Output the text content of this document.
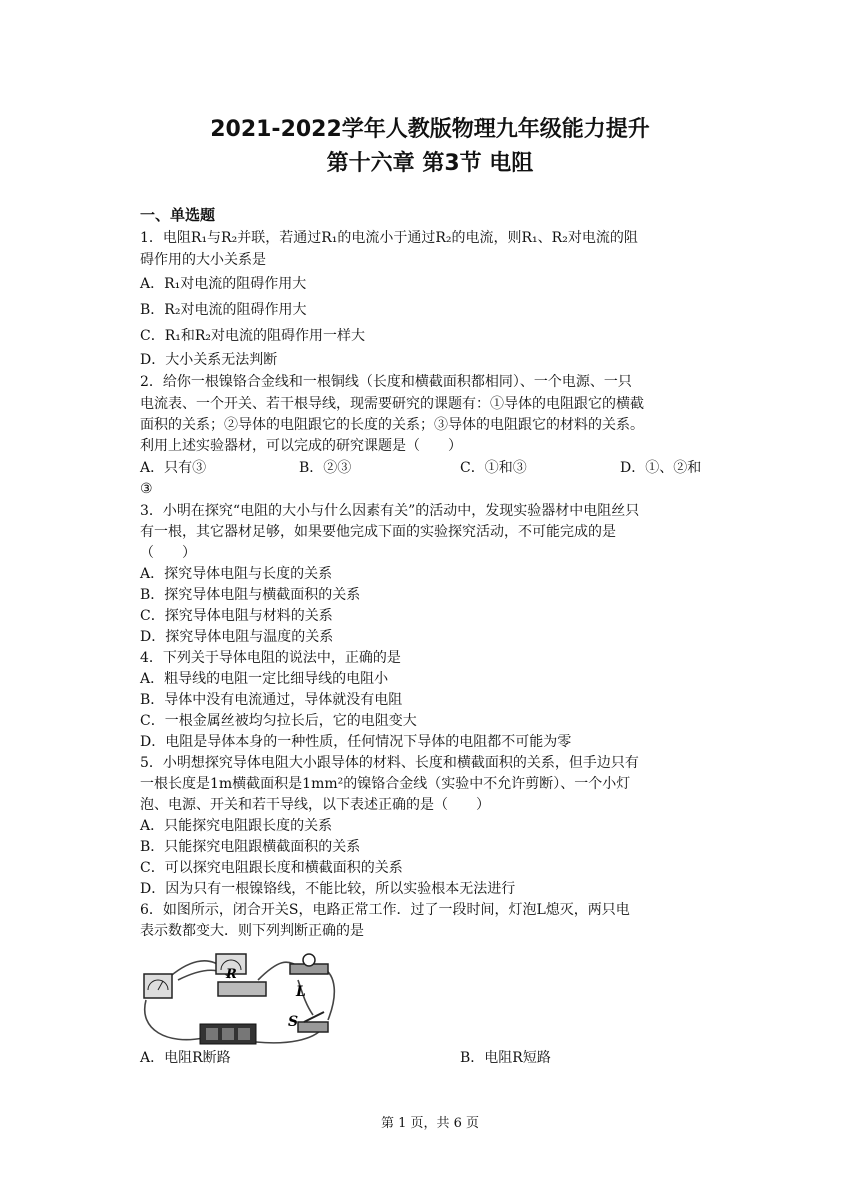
2021-2022学年人教版物理九年级能力提升
第十六章 第3节 电阻
一、单选题
1．电阻R₁与R₂并联，若通过R₁的电流小于通过R₂的电流，则R₁、R₂对电流的阻
碍作用的大小关系是
A．R₁对电流的阻碍作用大
B．R₂对电流的阻碍作用大
C．R₁和R₂对电流的阻碍作用一样大
D．大小关系无法判断
2．给你一根镍铬合金线和一根铜线（长度和横截面积都相同）、一个电源、一只
电流表、一个开关、若干根导线，现需要研究的课题有：①导体的电阻跟它的横截
面积的关系；②导体的电阻跟它的长度的关系；③导体的电阻跟它的材料的关系。
利用上述实验器材，可以完成的研究课题是（　　）
A．只有③	B．②③	C．①和③	D．①、②和
③
3．小明在探究“电阻的大小与什么因素有关”的活动中，发现实验器材中电阻丝只
有一根，其它器材足够，如果要他完成下面的实验探究活动，不可能完成的是
（　　）
A．探究导体电阻与长度的关系
B．探究导体电阻与横截面积的关系
C．探究导体电阻与材料的关系
D．探究导体电阻与温度的关系
4．下列关于导体电阻的说法中，正确的是
A．粗导线的电阻一定比细导线的电阻小
B．导体中没有电流通过，导体就没有电阻
C．一根金属丝被均匀拉长后，它的电阻变大
D．电阻是导体本身的一种性质，任何情况下导体的电阻都不可能为零
5．小明想探究导体电阻大小跟导体的材料、长度和横截面积的关系，但手边只有
一根长度是1m横截面积是1mm²的镍铬合金线（实验中不允许剪断）、一个小灯
泡、电源、开关和若干导线，以下表述正确的是（　　）
A．只能探究电阻跟长度的关系
B．只能探究电阻跟横截面积的关系
C．可以探究电阻跟长度和横截面积的关系
D．因为只有一根镍铬线，不能比较，所以实验根本无法进行
6．如图所示，闭合开关S，电路正常工作．过了一段时间，灯泡L熄灭，两只电
表示数都变大．则下列判断正确的是
R
L
S
A．电阻R断路	B．电阻R短路
第 1 页，共 6 页
